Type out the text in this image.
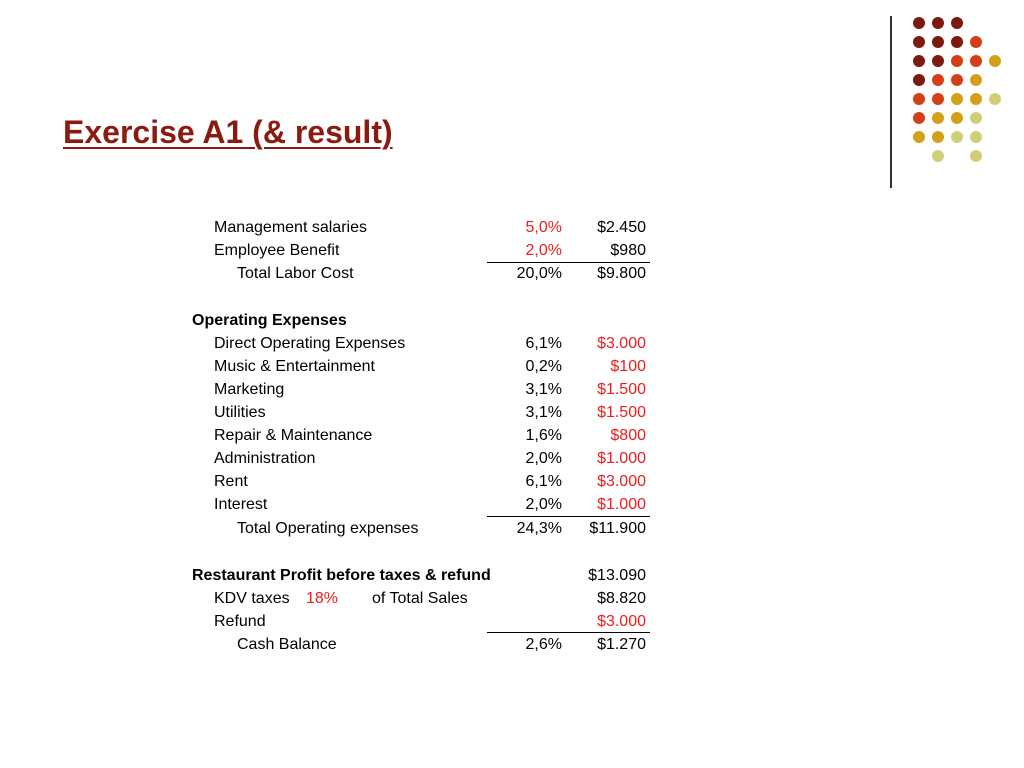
Exercise A1 (& result)
Management salaries	5,0%	$2.450
Employee Benefit	2,0%	$980
Total Labor Cost	20,0%	$9.800
Operating Expenses
Direct Operating Expenses	6,1%	$3.000
Music & Entertainment	0,2%	$100
Marketing	3,1%	$1.500
Utilities	3,1%	$1.500
Repair & Maintenance	1,6%	$800
Administration	2,0%	$1.000
Rent	6,1%	$3.000
Interest	2,0%	$1.000
Total Operating expenses	24,3%	$11.900
Restaurant Profit before taxes & refund	$13.090
KDV taxes 18% of Total Sales	$8.820
Refund	$3.000
Cash Balance	2,6%	$1.270
